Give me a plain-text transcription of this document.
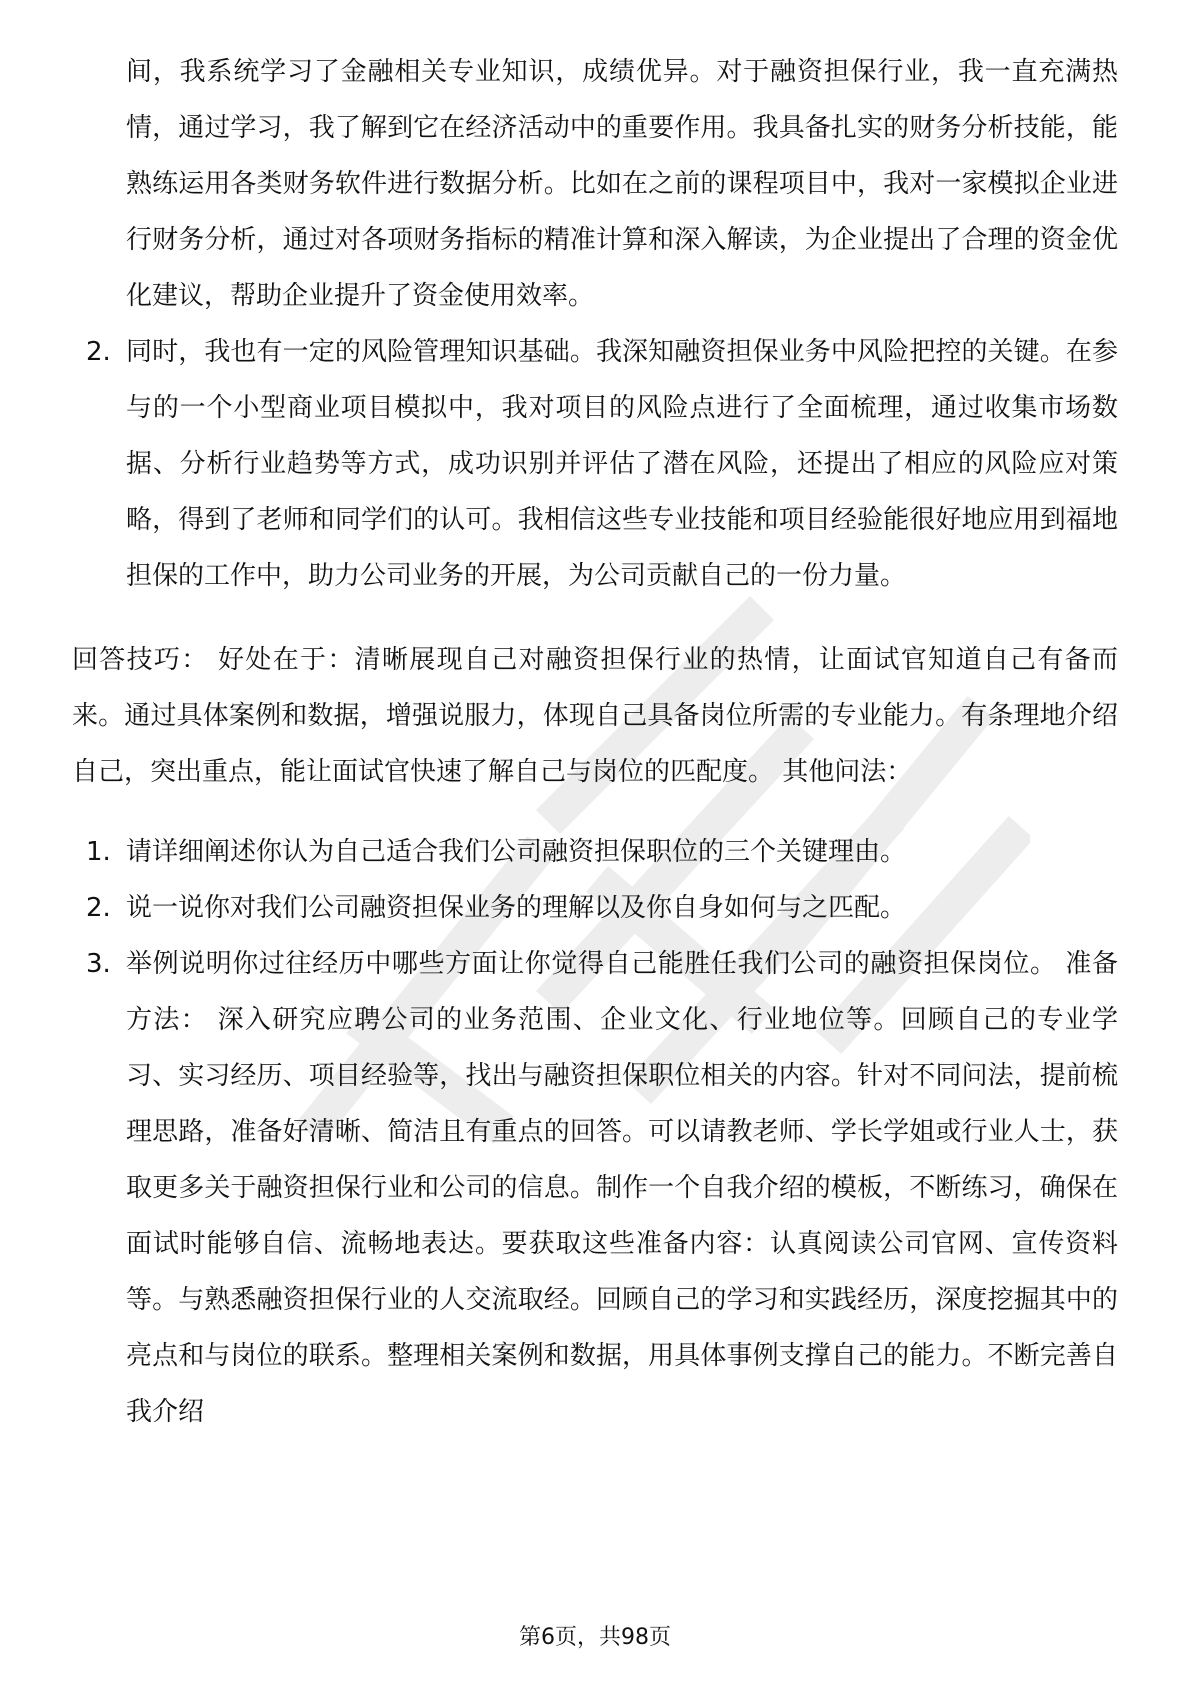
间，我系统学习了金融相关专业知识，成绩优异。对于融资担保行业，我一直充满热情，通过学习，我了解到它在经济活动中的重要作用。我具备扎实的财务分析技能，能熟练运用各类财务软件进行数据分析。比如在之前的课程项目中，我对一家模拟企业进行财务分析，通过对各项财务指标的精准计算和深入解读，为企业提出了合理的资金优化建议，帮助企业提升了资金使用效率。

2. 同时，我也有一定的风险管理知识基础。我深知融资担保业务中风险把控的关键。在参与的一个小型商业项目模拟中，我对项目的风险点进行了全面梳理，通过收集市场数据、分析行业趋势等方式，成功识别并评估了潜在风险，还提出了相应的风险应对策略，得到了老师和同学们的认可。我相信这些专业技能和项目经验能很好地应用到福地担保的工作中，助力公司业务的开展，为公司贡献自己的一份力量。

回答技巧： 好处在于：清晰展现自己对融资担保行业的热情，让面试官知道自己有备而来。通过具体案例和数据，增强说服力，体现自己具备岗位所需的专业能力。有条理地介绍自己，突出重点，能让面试官快速了解自己与岗位的匹配度。 其他问法：

1. 请详细阐述你认为自己适合我们公司融资担保职位的三个关键理由。
2. 说一说你对我们公司融资担保业务的理解以及你自身如何与之匹配。
3. 举例说明你过往经历中哪些方面让你觉得自己能胜任我们公司的融资担保岗位。 准备方法： 深入研究应聘公司的业务范围、企业文化、行业地位等。回顾自己的专业学习、实习经历、项目经验等，找出与融资担保职位相关的内容。针对不同问法，提前梳理思路，准备好清晰、简洁且有重点的回答。可以请教老师、学长学姐或行业人士，获取更多关于融资担保行业和公司的信息。制作一个自我介绍的模板，不断练习，确保在面试时能够自信、流畅地表达。要获取这些准备内容：认真阅读公司官网、宣传资料等。与熟悉融资担保行业的人交流取经。回顾自己的学习和实践经历，深度挖掘其中的亮点和与岗位的联系。整理相关案例和数据，用具体事例支撑自己的能力。不断完善自我介绍
第6页，共98页
